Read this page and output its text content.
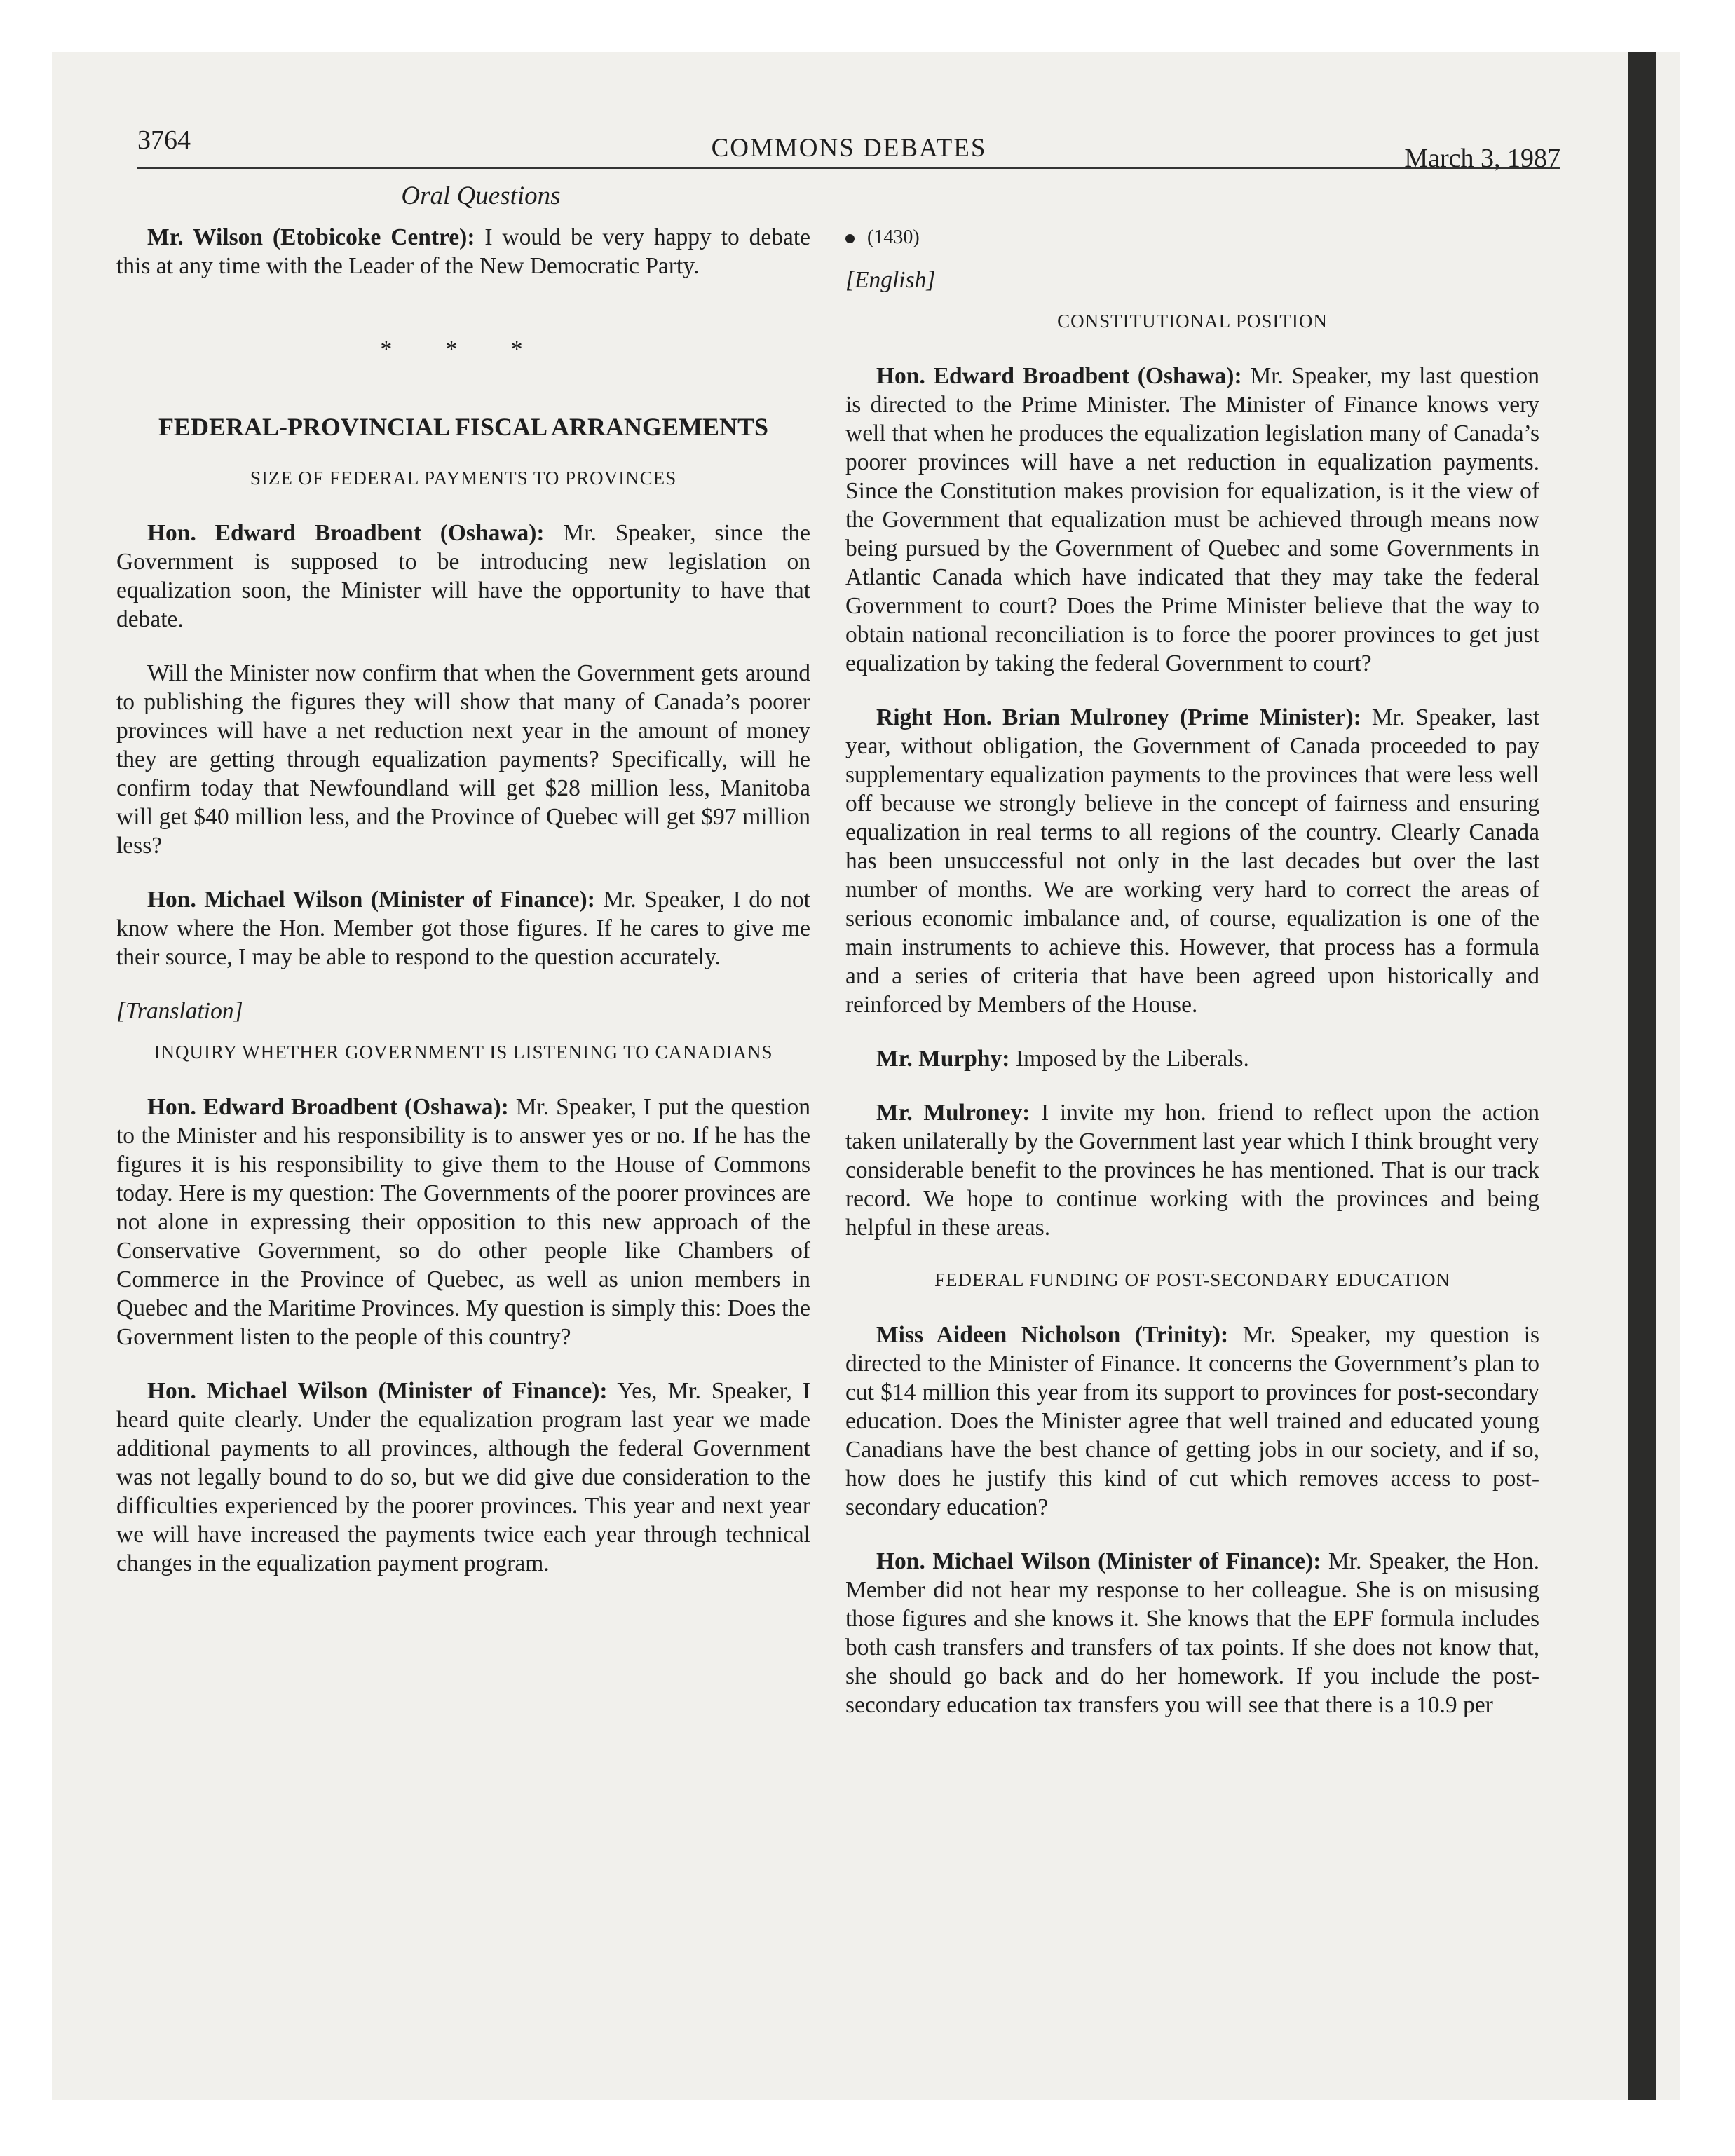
3764	COMMONS DEBATES	March 3, 1987
Oral Questions

Mr. Wilson (Etobicoke Centre): I would be very happy to debate this at any time with the Leader of the New Democratic Party.

* * *
FEDERAL-PROVINCIAL FISCAL ARRANGEMENTS
SIZE OF FEDERAL PAYMENTS TO PROVINCES

Hon. Edward Broadbent (Oshawa): Mr. Speaker, since the Government is supposed to be introducing new legislation on equalization soon, the Minister will have the opportunity to have that debate.

Will the Minister now confirm that when the Government gets around to publishing the figures they will show that many of Canada’s poorer provinces will have a net reduction next year in the amount of money they are getting through equalization payments? Specifically, will he confirm today that Newfoundland will get $28 million less, Manitoba will get $40 million less, and the Province of Quebec will get $97 million less?

Hon. Michael Wilson (Minister of Finance): Mr. Speaker, I do not know where the Hon. Member got those figures. If he cares to give me their source, I may be able to respond to the question accurately.

[Translation]
INQUIRY WHETHER GOVERNMENT IS LISTENING TO CANADIANS

Hon. Edward Broadbent (Oshawa): Mr. Speaker, I put the question to the Minister and his responsibility is to answer yes or no. If he has the figures it is his responsibility to give them to the House of Commons today. Here is my question: The Governments of the poorer provinces are not alone in expressing their opposition to this new approach of the Conservative Government, so do other people like Chambers of Commerce in the Province of Quebec, as well as union members in Quebec and the Maritime Provinces. My question is simply this: Does the Government listen to the people of this country?

Hon. Michael Wilson (Minister of Finance): Yes, Mr. Speaker, I heard quite clearly. Under the equalization program last year we made additional payments to all provinces, although the federal Government was not legally bound to do so, but we did give due consideration to the difficulties experienced by the poorer provinces. This year and next year we will have increased the payments twice each year through technical changes in the equalization payment program.

(1430)
[English]
CONSTITUTIONAL POSITION

Hon. Edward Broadbent (Oshawa): Mr. Speaker, my last question is directed to the Prime Minister. The Minister of Finance knows very well that when he produces the equalization legislation many of Canada’s poorer provinces will have a net reduction in equalization payments. Since the Constitution makes provision for equalization, is it the view of the Government that equalization must be achieved through means now being pursued by the Government of Quebec and some Governments in Atlantic Canada which have indicated that they may take the federal Government to court? Does the Prime Minister believe that the way to obtain national reconciliation is to force the poorer provinces to get just equalization by taking the federal Government to court?

Right Hon. Brian Mulroney (Prime Minister): Mr. Speaker, last year, without obligation, the Government of Canada proceeded to pay supplementary equalization payments to the provinces that were less well off because we strongly believe in the concept of fairness and ensuring equalization in real terms to all regions of the country. Clearly Canada has been unsuccessful not only in the last decades but over the last number of months. We are working very hard to correct the areas of serious economic imbalance and, of course, equalization is one of the main instruments to achieve this. However, that process has a formula and a series of criteria that have been agreed upon historically and reinforced by Members of the House.

Mr. Murphy: Imposed by the Liberals.

Mr. Mulroney: I invite my hon. friend to reflect upon the action taken unilaterally by the Government last year which I think brought very considerable benefit to the provinces he has mentioned. That is our track record. We hope to continue working with the provinces and being helpful in these areas.

FEDERAL FUNDING OF POST-SECONDARY EDUCATION

Miss Aideen Nicholson (Trinity): Mr. Speaker, my question is directed to the Minister of Finance. It concerns the Government’s plan to cut $14 million this year from its support to provinces for post-secondary education. Does the Minister agree that well trained and educated young Canadians have the best chance of getting jobs in our society, and if so, how does he justify this kind of cut which removes access to post-secondary education?

Hon. Michael Wilson (Minister of Finance): Mr. Speaker, the Hon. Member did not hear my response to her colleague. She is on misusing those figures and she knows it. She knows that the EPF formula includes both cash transfers and transfers of tax points. If she does not know that, she should go back and do her homework. If you include the post-secondary education tax transfers you will see that there is a 10.9 per
